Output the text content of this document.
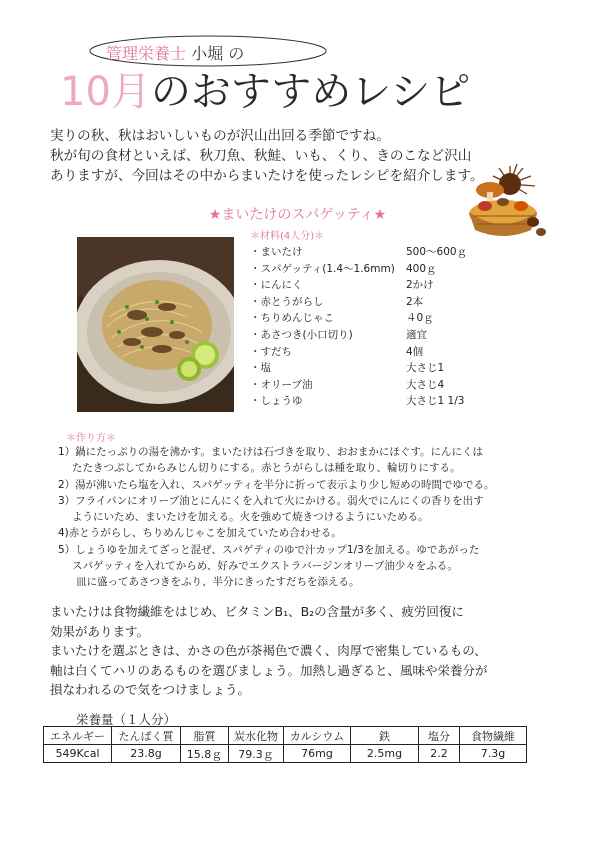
管理栄養士 小堀 の
10月のおすすめレシピ
実りの秋、秋はおいしいものが沢山出回る季節ですね。
秋が旬の食材といえば、秋刀魚、秋鮭、いも、くり、きのこなど沢山
ありますが、今回はその中からまいたけを使ったレシピを紹介します。
★まいたけのスパゲッティ★
＊材料(4人分)＊
・まいたけ	500～600ｇ
・スパゲッティ(1.4～1.6mm) 400ｇ
・にんにく	2かけ
・赤とうがらし	2本
・ちりめんじゃこ	４0ｇ
・あさつき(小口切り)	適宜
・すだち	4個
・塩	大さじ1
・オリーブ油	大さじ4
・しょうゆ	大さじ1 1/3
＊作り方＊
1）鍋にたっぷりの湯を沸かす。まいたけは石づきを取り、おおまかにほぐす。にんにくは
たたきつぶしてからみじん切りにする。赤とうがらしは種を取り、輪切りにする。
2）湯が沸いたら塩を入れ、スパゲッティを半分に折って表示より少し短めの時間でゆでる。
3）フライパンにオリーブ油とにんにくを入れて火にかける。弱火でにんにくの香りを出す
ようにいため、まいたけを加える。火を強めて焼きつけるようにいためる。
4)赤とうがらし、ちりめんじゃこを加えていため合わせる。
5）しょうゆを加えてざっと混ぜ、スパゲティのゆで汁カップ1/3を加える。ゆであがった
スパゲッティを入れてからめ、好みでエクストラバージンオリーブ油少々をふる。
皿に盛ってあさつきをふり、半分にきったすだちを添える。
まいたけは食物繊維をはじめ、ビタミンB₁、B₂の含量が多く、疲労回復に
効果があります。
まいたけを選ぶときは、かさの色が茶褐色で濃く、肉厚で密集しているもの、
軸は白くてハリのあるものを選びましょう。加熱し過ぎると、風味や栄養分が
損なわれるので気をつけましょう。
栄養量（１人分）
エネルギー	たんぱく質	脂質	炭水化物	カルシウム	鉄	塩分	食物繊維
549Kcal	23.8g	15.8ｇ	79.3ｇ	76mg	2.5mg	2.2	7.3g
